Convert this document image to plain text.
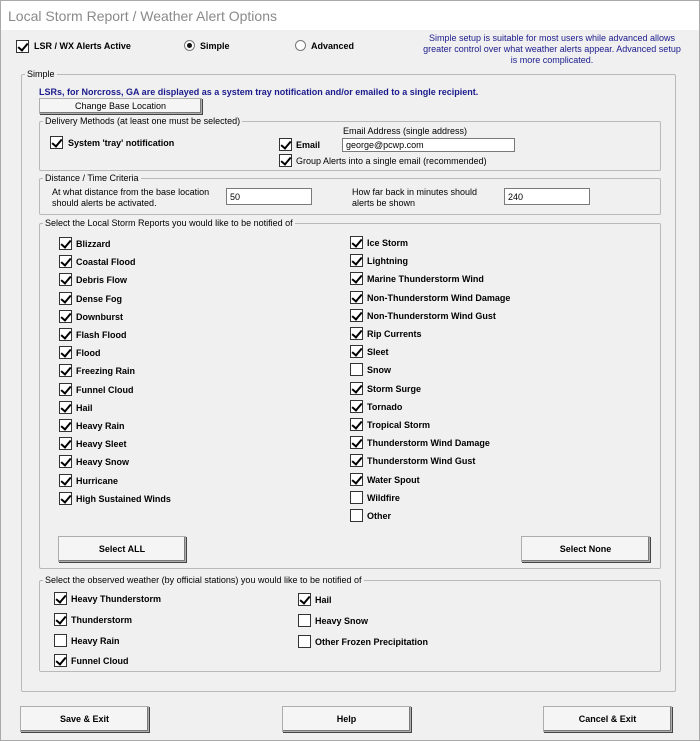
Local Storm Report / Weather Alert Options
LSR / WX Alerts Active	Simple	Advanced
Simple setup is suitable for most users while advanced allows greater control over what weather alerts appear. Advanced setup is more complicated.
Simple
LSRs, for Norcross, GA are displayed as a system tray notification and/or emailed to a single recipient.
Change Base Location
Delivery Methods (at least one must be selected)
System 'tray' notification
Email Address (single address)
Email
george@pcwp.com
Group Alerts into a single email (recommended)
Distance / Time Criteria
At what distance from the base location should alerts be activated.
50
How far back in minutes should alerts be shown
240
Select the Local Storm Reports you would like to be notified of
Blizzard
Coastal Flood
Debris Flow
Dense Fog
Downburst
Flash Flood
Flood
Freezing Rain
Funnel Cloud
Hail
Heavy Rain
Heavy Sleet
Heavy Snow
Hurricane
High Sustained Winds
Ice Storm
Lightning
Marine Thunderstorm Wind
Non-Thunderstorm Wind Damage
Non-Thunderstorm Wind Gust
Rip Currents
Sleet
Snow
Storm Surge
Tornado
Tropical Storm
Thunderstorm Wind Damage
Thunderstorm Wind Gust
Water Spout
Wildfire
Other
Select ALL	Select None
Select the observed weather (by official stations) you would like to be notified of
Heavy Thunderstorm
Thunderstorm
Heavy Rain
Funnel Cloud
Hail
Heavy Snow
Other Frozen Precipitation
Save & Exit	Help	Cancel & Exit
